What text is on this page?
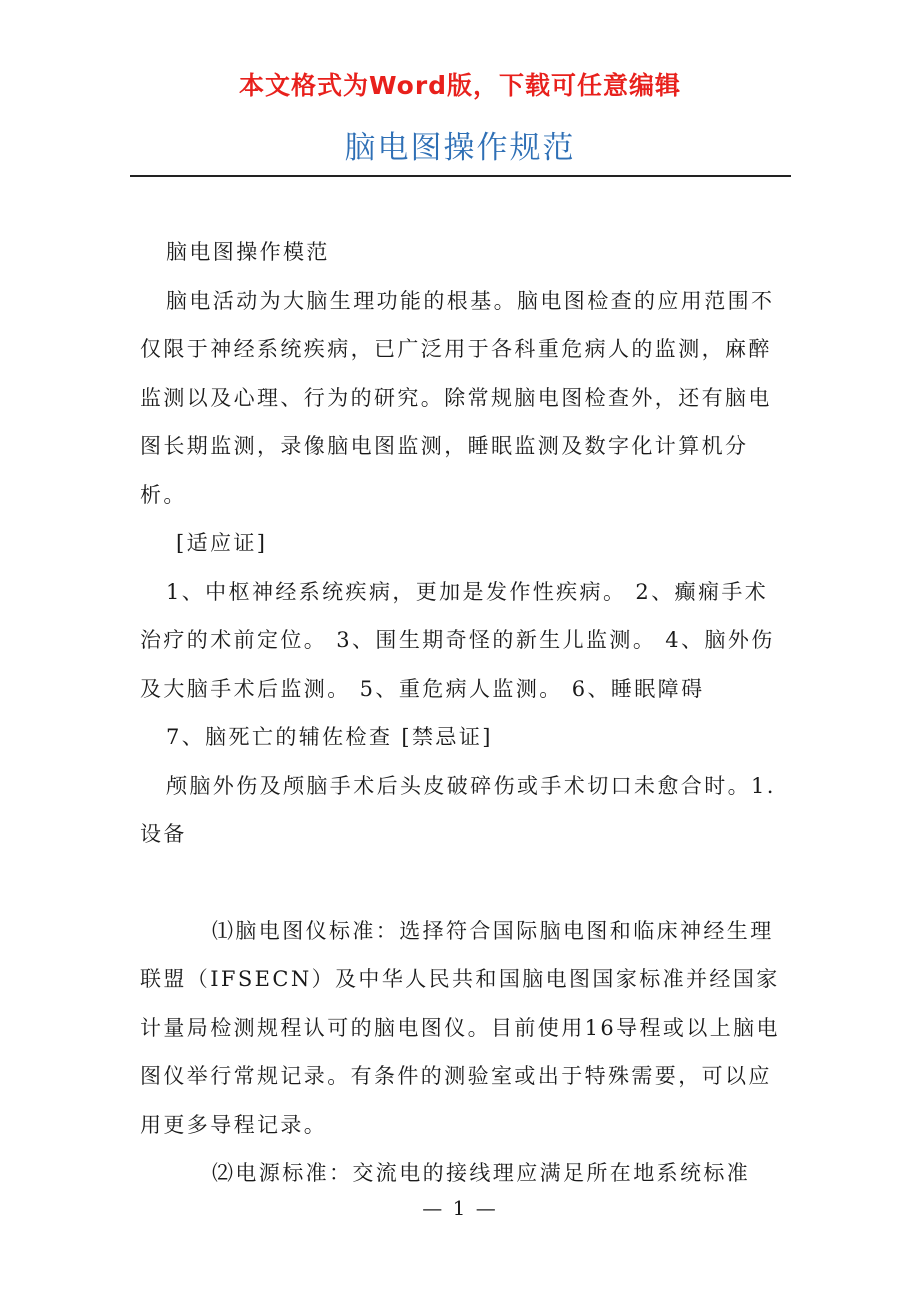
本文格式为Word版，下载可任意编辑
脑电图操作规范

脑电图操作模范

脑电活动为大脑生理功能的根基。脑电图检查的应用范围不仅限于神经系统疾病，已广泛用于各科重危病人的监测，麻醉监测以及心理、行为的研究。除常规脑电图检查外，还有脑电图长期监测，录像脑电图监测，睡眠监测及数字化计算机分析。

[适应证]

1、中枢神经系统疾病，更加是发作性疾病。 2、癫痫手术治疗的术前定位。 3、围生期奇怪的新生儿监测。 4、脑外伤及大脑手术后监测。 5、重危病人监测。 6、睡眠障碍

7、脑死亡的辅佐检查 [禁忌证]

颅脑外伤及颅脑手术后头皮破碎伤或手术切口未愈合时。1.设备

⑴脑电图仪标准：选择符合国际脑电图和临床神经生理联盟（IFSECN）及中华人民共和国脑电图国家标准并经国家计量局检测规程认可的脑电图仪。目前使用16导程或以上脑电图仪举行常规记录。有条件的测验室或出于特殊需要，可以应用更多导程记录。

⑵电源标准：交流电的接线理应满足所在地系统标准

— 1 —
